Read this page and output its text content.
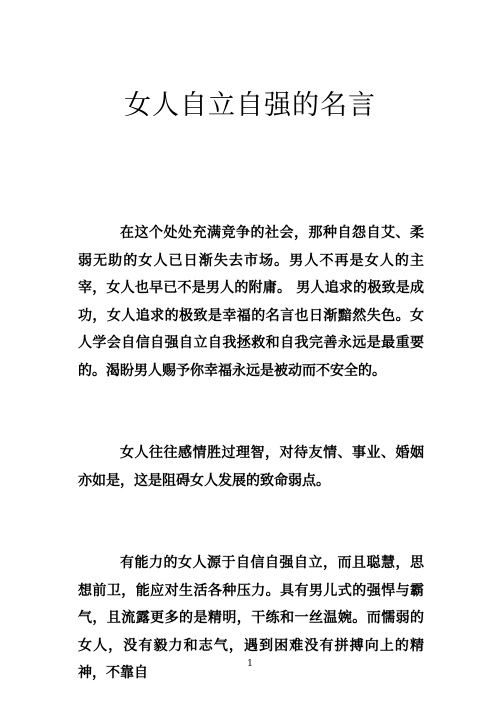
女人自立自强的名言

在这个处处充满竞争的社会，那种自怨自艾、柔弱无助的女人已日渐失去市场。男人不再是女人的主宰，女人也早已不是男人的附庸。 男人追求的极致是成功，女人追求的极致是幸福的名言也日渐黯然失色。女人学会自信自强自立自我拯救和自我完善永远是最重要的。渴盼男人赐予你幸福永远是被动而不安全的。

女人往往感情胜过理智，对待友情、事业、婚姻亦如是，这是阻碍女人发展的致命弱点。

有能力的女人源于自信自强自立，而且聪慧，思想前卫，能应对生活各种压力。具有男儿式的强悍与霸气，且流露更多的是精明，干练和一丝温婉。而懦弱的女人，没有毅力和志气，遇到困难没有拼搏向上的精神，不靠自

1
